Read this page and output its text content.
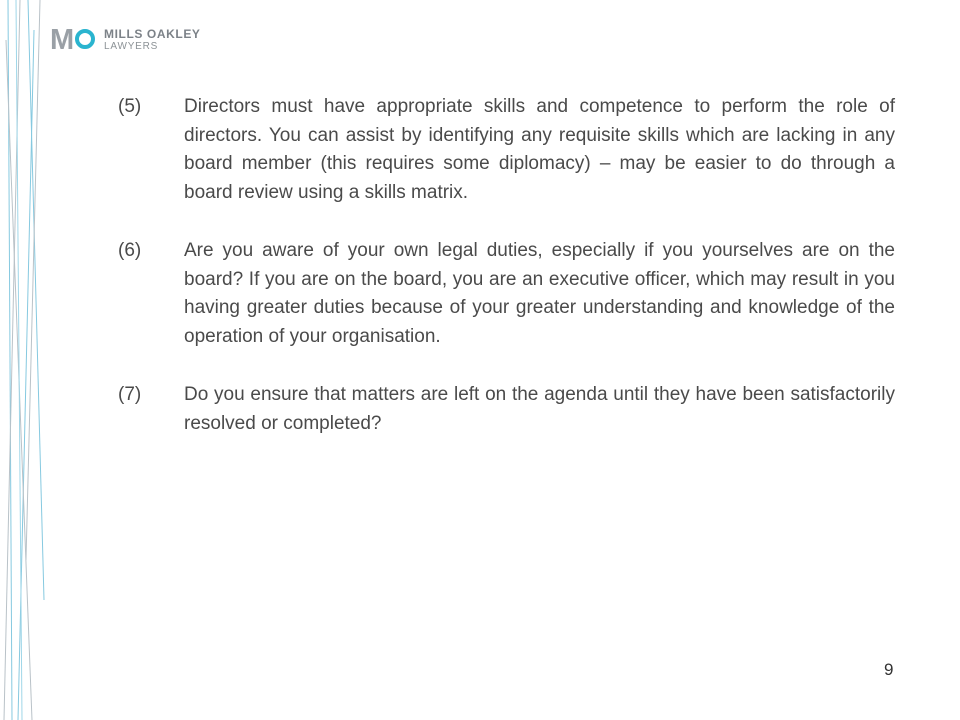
M	MILLS OAKLEY
LAWYERS
(5)	Directors must have appropriate skills and competence to perform the role of directors. You can assist by identifying any requisite skills which are lacking in any board member (this requires some diplomacy) – may be easier to do through a board review using a skills matrix.
(6)	Are you aware of your own legal duties, especially if you yourselves are on the board? If you are on the board, you are an executive officer, which may result in you having greater duties because of your greater understanding and knowledge of the operation of your organisation.
(7)	Do you ensure that matters are left on the agenda until they have been satisfactorily resolved or completed?
9
